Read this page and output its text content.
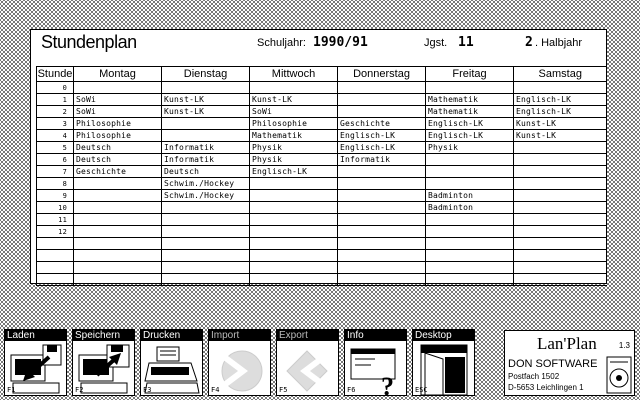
Stundenplan	Schuljahr: 1990/91	Jgst. 11	2 . Halbjahr
Stunde	Montag	Dienstag	Mittwoch	Donnerstag	Freitag	Samstag
0						
1	SoWi	Kunst-LK	Kunst-LK		Mathematik	Englisch-LK
2	SoWi	Kunst-LK	SoWi		Mathematik	Englisch-LK
3	Philosophie		Philosophie	Geschichte	Englisch-LK	Kunst-LK
4	Philosophie		Mathematik	Englisch-LK	Englisch-LK	Kunst-LK
5	Deutsch	Informatik	Physik	Englisch-LK	Physik	
6	Deutsch	Informatik	Physik	Informatik		
7	Geschichte	Deutsch	Englisch-LK			
8		Schwim./Hockey				
9		Schwim./Hockey			Badminton	
10					Badminton	
11						
12						

Laden
F1
Speichern
F2
Drucken
F3
Import
F4
Export
F5
Info
?
F6
Desktop
ESC
Lan'Plan	1.3
DON SOFTWARE
Postfach 1502
D-5653 Leichlingen 1
